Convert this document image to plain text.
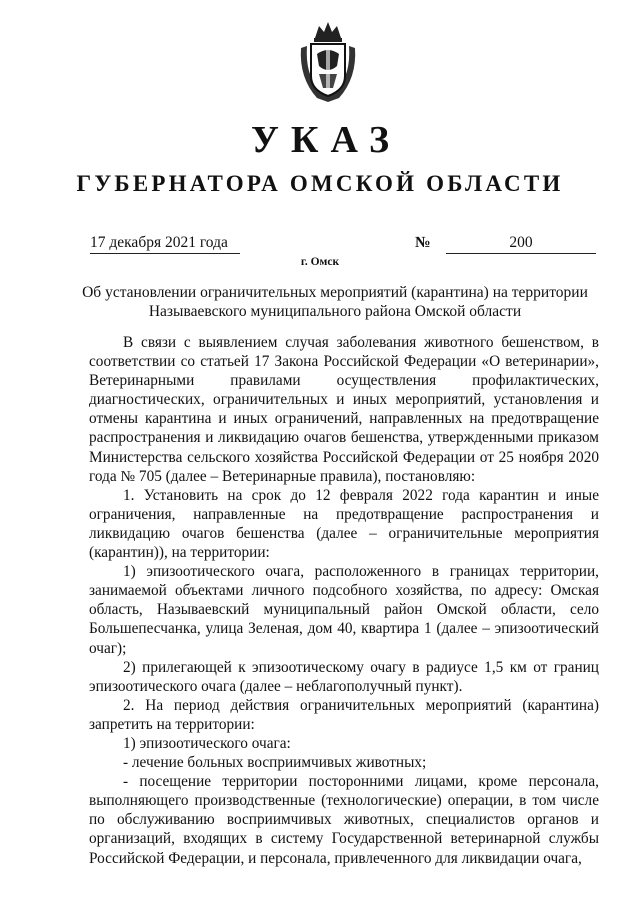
УКАЗ
ГУБЕРНАТОРА ОМСКОЙ ОБЛАСТИ
17 декабря 2021 года	№	200
г. Омск
Об установлении ограничительных мероприятий (карантина) на территории Называевского муниципального района Омской области

В связи с выявлением случая заболевания животного бешенством, в соответствии со статьей 17 Закона Российской Федерации «О ветеринарии», Ветеринарными правилами осуществления профилактических, диагностических, ограничительных и иных мероприятий, установления и отмены карантина и иных ограничений, направленных на предотвращение распространения и ликвидацию очагов бешенства, утвержденными приказом Министерства сельского хозяйства Российской Федерации от 25 ноября 2020 года № 705 (далее – Ветеринарные правила), постановляю:

1. Установить на срок до 12 февраля 2022 года карантин и иные ограничения, направленные на предотвращение распространения и ликвидацию очагов бешенства (далее – ограничительные мероприятия (карантин)), на территории:

1) эпизоотического очага, расположенного в границах территории, занимаемой объектами личного подсобного хозяйства, по адресу: Омская область, Называевский муниципальный район Омской области, село Большепесчанка, улица Зеленая, дом 40, квартира 1 (далее – эпизоотический очаг);

2) прилегающей к эпизоотическому очагу в радиусе 1,5 км от границ эпизоотического очага (далее – неблагополучный пункт).

2. На период действия ограничительных мероприятий (карантина) запретить на территории:

1) эпизоотического очага:

- лечение больных восприимчивых животных;

- посещение территории посторонними лицами, кроме персонала, выполняющего производственные (технологические) операции, в том числе по обслуживанию восприимчивых животных, специалистов органов и организаций, входящих в систему Государственной ветеринарной службы Российской Федерации, и персонала, привлеченного для ликвидации очага,
